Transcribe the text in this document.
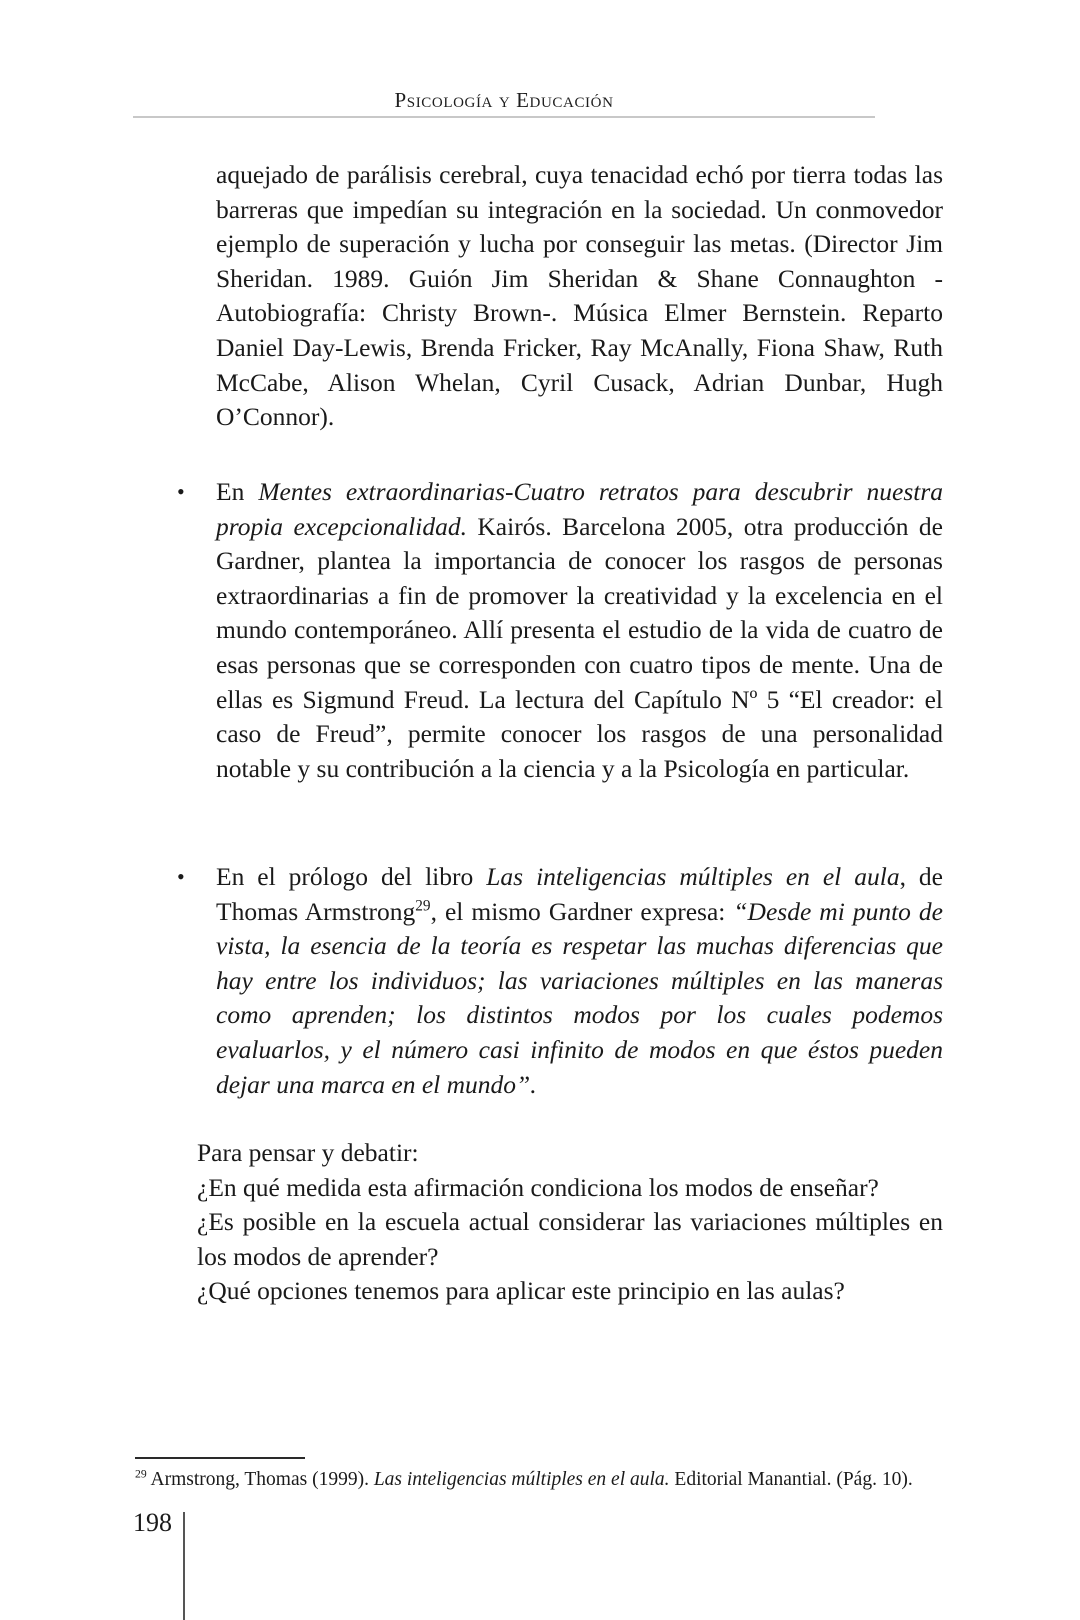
Psicología y Educación

aquejado de parálisis cerebral, cuya tenacidad echó por tierra todas las barreras que impedían su integración en la sociedad. Un conmovedor ejemplo de superación y lucha por conseguir las metas. (Director Jim Sheridan. 1989. Guión Jim Sheridan & Shane Connaughton -Autobiografía: Christy Brown-. Música Elmer Bernstein. Reparto Daniel Day-Lewis, Brenda Fricker, Ray McAnally, Fiona Shaw, Ruth McCabe, Alison Whelan, Cyril Cusack, Adrian Dunbar, Hugh O’Connor).

• En Mentes extraordinarias-Cuatro retratos para descubrir nuestra propia excepcionalidad. Kairós. Barcelona 2005, otra producción de Gardner, plantea la importancia de conocer los rasgos de personas extraordinarias a fin de promover la creatividad y la excelencia en el mundo contemporáneo. Allí presenta el estudio de la vida de cuatro de esas personas que se corresponden con cuatro tipos de mente. Una de ellas es Sigmund Freud. La lectura del Capítulo Nº 5 “El creador: el caso de Freud”, permite conocer los rasgos de una personalidad notable y su contribución a la ciencia y a la Psicología en particular.

• En el prólogo del libro Las inteligencias múltiples en el aula, de Thomas Armstrong$^{29}$, el mismo Gardner expresa: “Desde mi punto de vista, la esencia de la teoría es respetar las muchas diferencias que hay entre los individuos; las variaciones múltiples en las maneras como aprenden; los distintos modos por los cuales podemos evaluarlos, y el número casi infinito de modos en que éstos pueden dejar una marca en el mundo”.

Para pensar y debatir:

¿En qué medida esta afirmación condiciona los modos de enseñar?

¿Es posible en la escuela actual considerar las variaciones múltiples en los modos de aprender?

¿Qué opciones tenemos para aplicar este principio en las aulas?

$^{29}$ Armstrong, Thomas (1999). Las inteligencias múltiples en el aula. Editorial Manantial. (Pág. 10).
198
